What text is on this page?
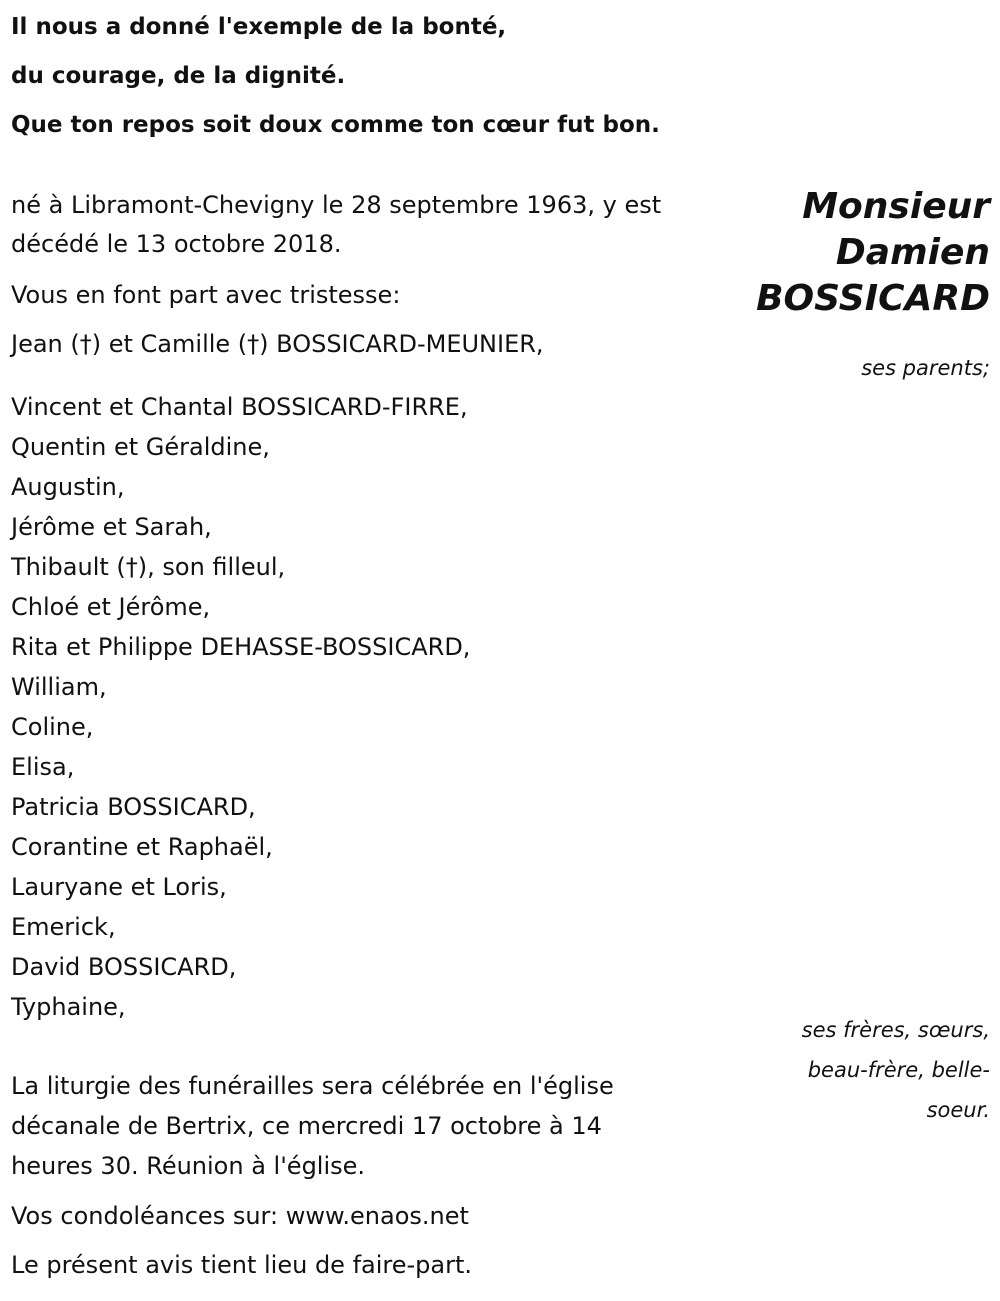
Il nous a donné l'exemple de la bonté,
du courage, de la dignité.
Que ton repos soit doux comme ton cœur fut bon.
Monsieur
Damien
BOSSICARD
né à Libramont-Chevigny le 28 septembre 1963, y est
décédé le 13 octobre 2018.
Vous en font part avec tristesse:
Jean (†) et Camille (†) BOSSICARD-MEUNIER,
ses parents;
Vincent et Chantal BOSSICARD-FIRRE,
Quentin et Géraldine,
Augustin,
Jérôme et Sarah,
Thibault (†), son filleul,
Chloé et Jérôme,
Rita et Philippe DEHASSE-BOSSICARD,
William,
Coline,
Elisa,
Patricia BOSSICARD,
Corantine et Raphaël,
Lauryane et Loris,
Emerick,
David BOSSICARD,
Typhaine,
ses frères, sœurs,
beau-frère, belle-
soeur.
La liturgie des funérailles sera célébrée en l'église
décanale de Bertrix, ce mercredi 17 octobre à 14
heures 30. Réunion à l'église.
Vos condoléances sur: www.enaos.net
Le présent avis tient lieu de faire-part.
